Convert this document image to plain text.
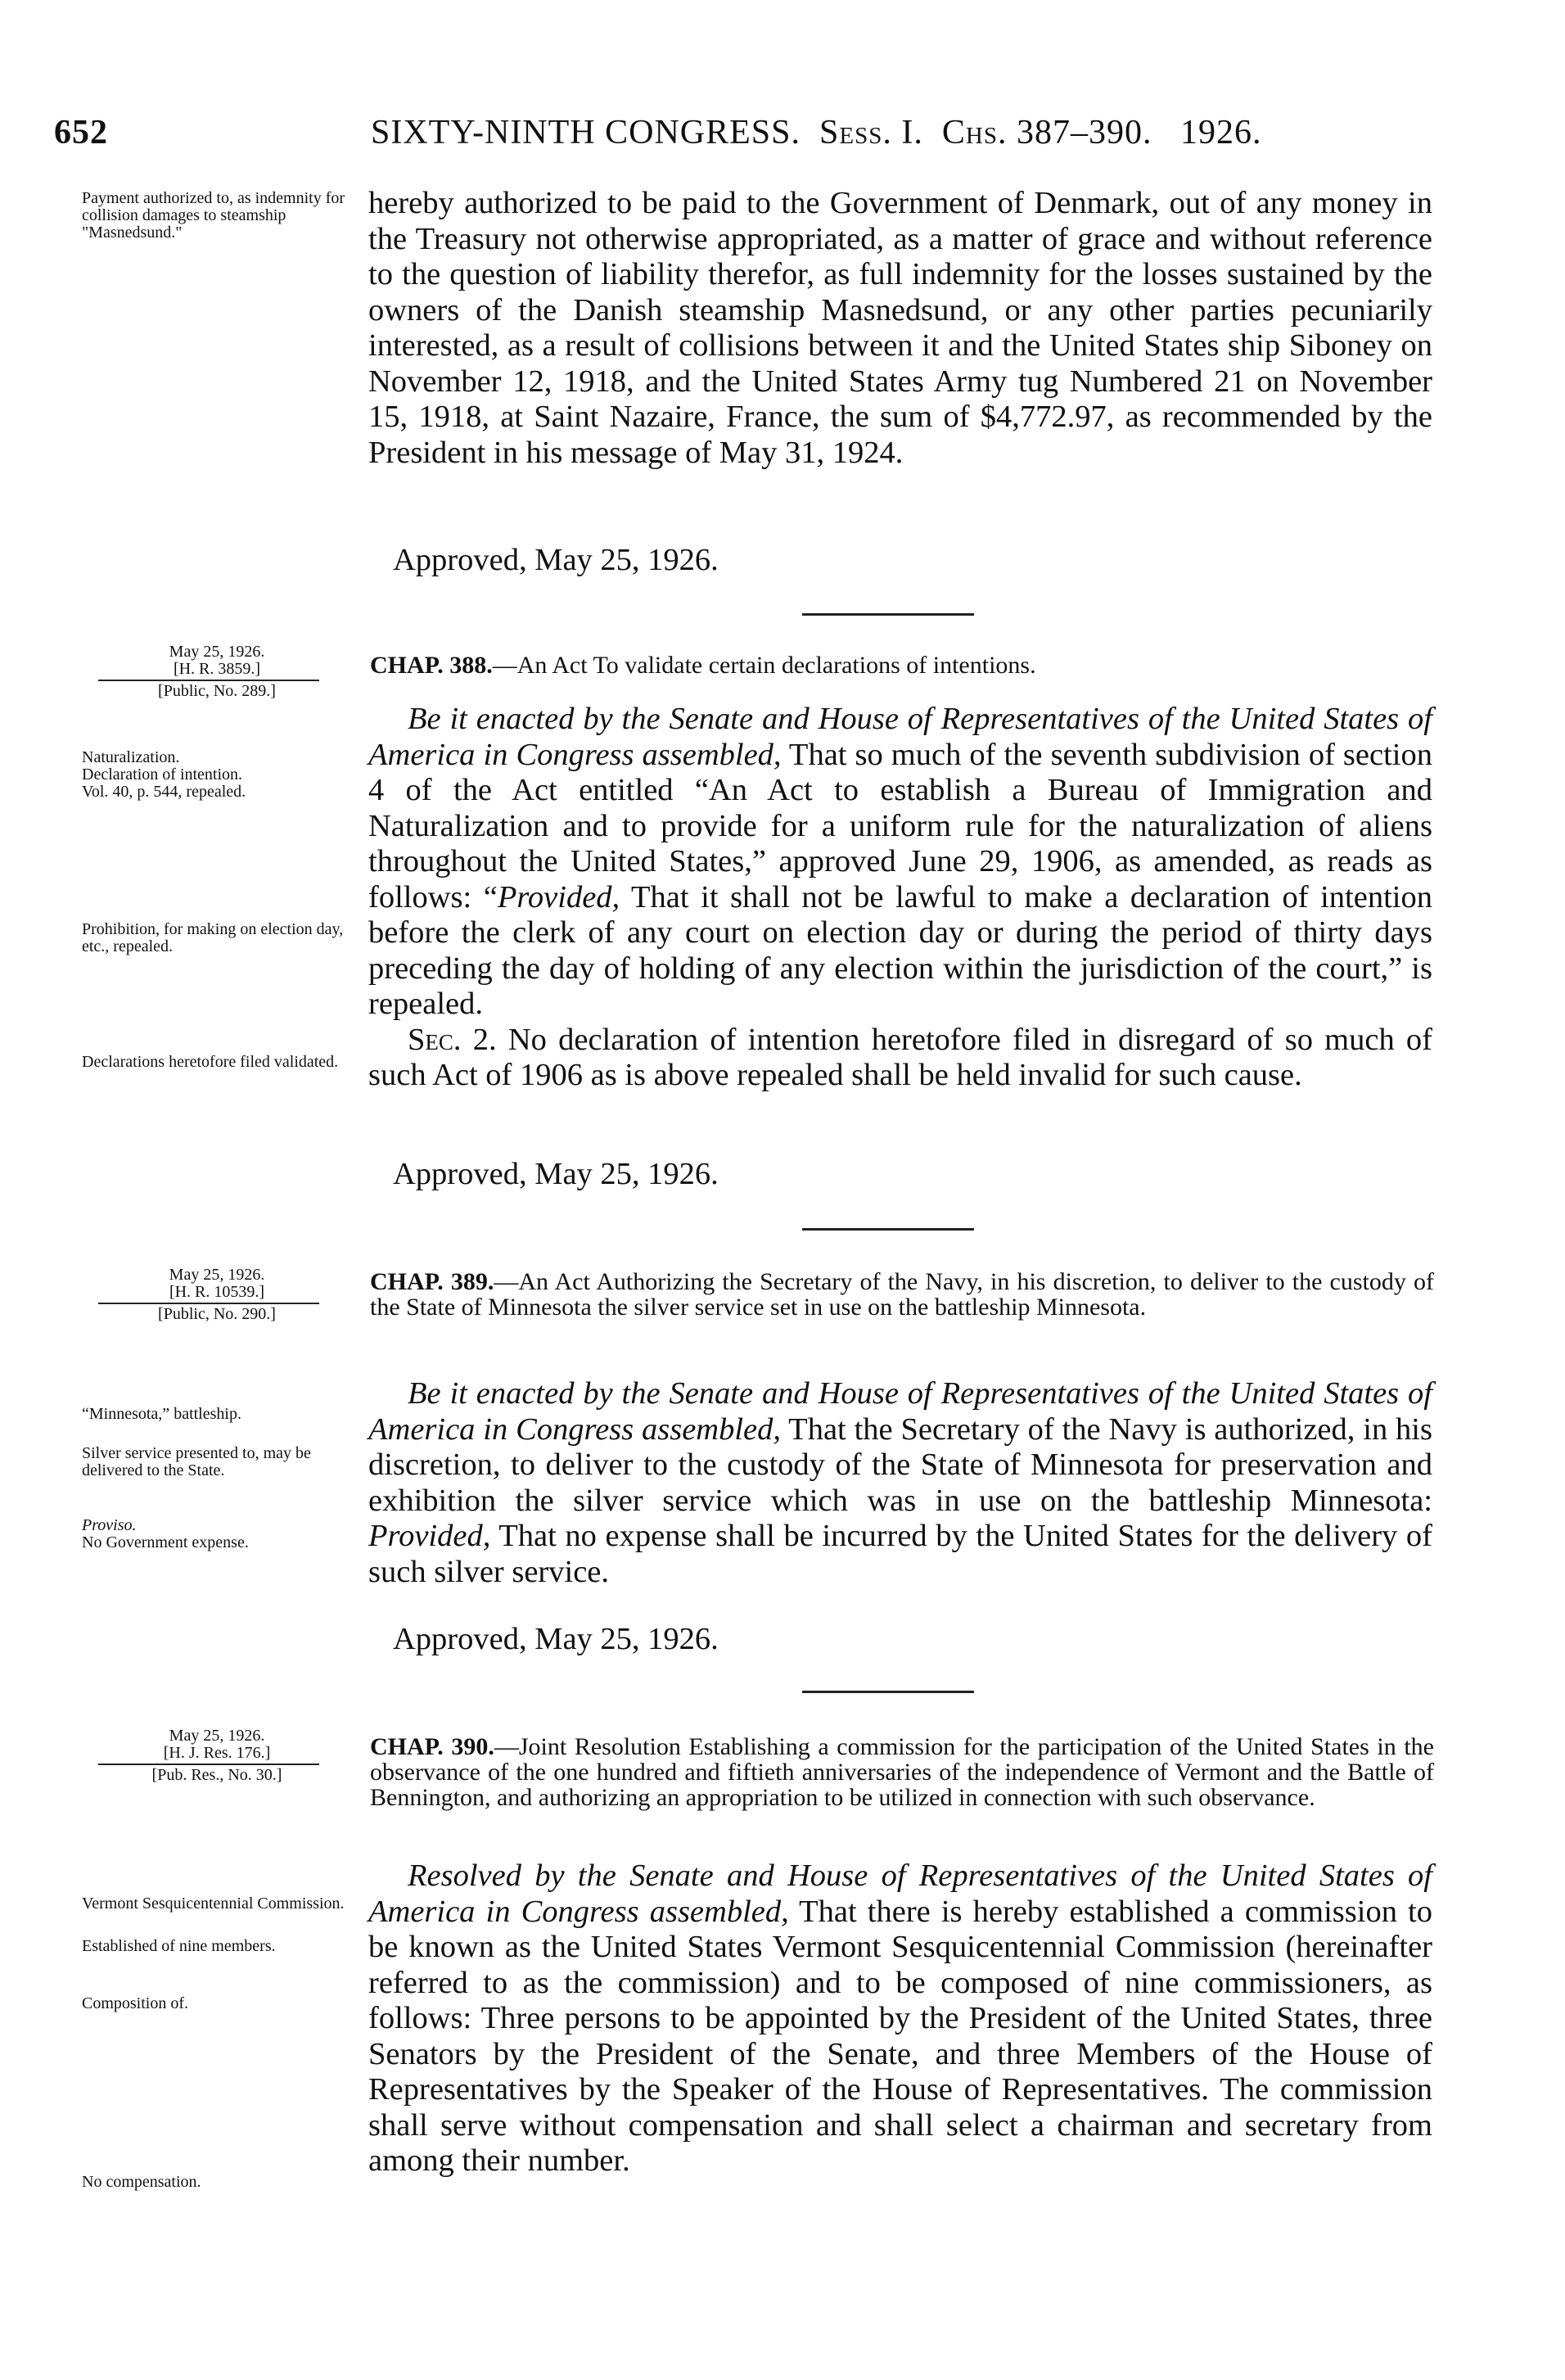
652	SIXTY-NINTH CONGRESS. Sess. I. Chs. 387–390. 1926.
Payment authorized to, as indemnity for collision damages to steamship "Masnedsund."
hereby authorized to be paid to the Government of Denmark, out of any money in the Treasury not otherwise appropriated, as a matter of grace and without reference to the question of liability therefor, as full indemnity for the losses sustained by the owners of the Danish steamship Masnedsund, or any other parties pecuniarily interested, as a result of collisions between it and the United States ship Siboney on November 12, 1918, and the United States Army tug Numbered 21 on November 15, 1918, at Saint Nazaire, France, the sum of $4,772.97, as recommended by the President in his message of May 31, 1924.
Approved, May 25, 1926.
May 25, 1926.
[H. R. 3859.]
[Public, No. 289.]
CHAP. 388.—An Act To validate certain declarations of intentions.
Naturalization.
Declaration of intention.
Vol. 40, p. 544, repealed.
Prohibition, for making on election day, etc., repealed.
Declarations heretofore filed validated.
Be it enacted by the Senate and House of Representatives of the United States of America in Congress assembled, That so much of the seventh subdivision of section 4 of the Act entitled “An Act to establish a Bureau of Immigration and Naturalization and to provide for a uniform rule for the naturalization of aliens throughout the United States,” approved June 29, 1906, as amended, as reads as follows: “Provided, That it shall not be lawful to make a declaration of intention before the clerk of any court on election day or during the period of thirty days preceding the day of holding of any election within the jurisdiction of the court,” is repealed.
Sec. 2. No declaration of intention heretofore filed in disregard of so much of such Act of 1906 as is above repealed shall be held invalid for such cause.
Approved, May 25, 1926.
May 25, 1926.
[H. R. 10539.]
[Public, No. 290.]
CHAP. 389.—An Act Authorizing the Secretary of the Navy, in his discretion, to deliver to the custody of the State of Minnesota the silver service set in use on the battleship Minnesota.
“Minnesota,” battleship.
Silver service presented to, may be delivered to the State.
Proviso.
No Government expense.
Be it enacted by the Senate and House of Representatives of the United States of America in Congress assembled, That the Secretary of the Navy is authorized, in his discretion, to deliver to the custody of the State of Minnesota for preservation and exhibition the silver service which was in use on the battleship Minnesota: Provided, That no expense shall be incurred by the United States for the delivery of such silver service.
Approved, May 25, 1926.
May 25, 1926.
[H. J. Res. 176.]
[Pub. Res., No. 30.]
CHAP. 390.—Joint Resolution Establishing a commission for the participation of the United States in the observance of the one hundred and fiftieth anniversaries of the independence of Vermont and the Battle of Bennington, and authorizing an appropriation to be utilized in connection with such observance.
Vermont Sesquicentennial Commission.
Established of nine members.
Composition of.
No compensation.
Resolved by the Senate and House of Representatives of the United States of America in Congress assembled, That there is hereby established a commission to be known as the United States Vermont Sesquicentennial Commission (hereinafter referred to as the commission) and to be composed of nine commissioners, as follows: Three persons to be appointed by the President of the United States, three Senators by the President of the Senate, and three Members of the House of Representatives by the Speaker of the House of Representatives. The commission shall serve without compensation and shall select a chairman and secretary from among their number.
